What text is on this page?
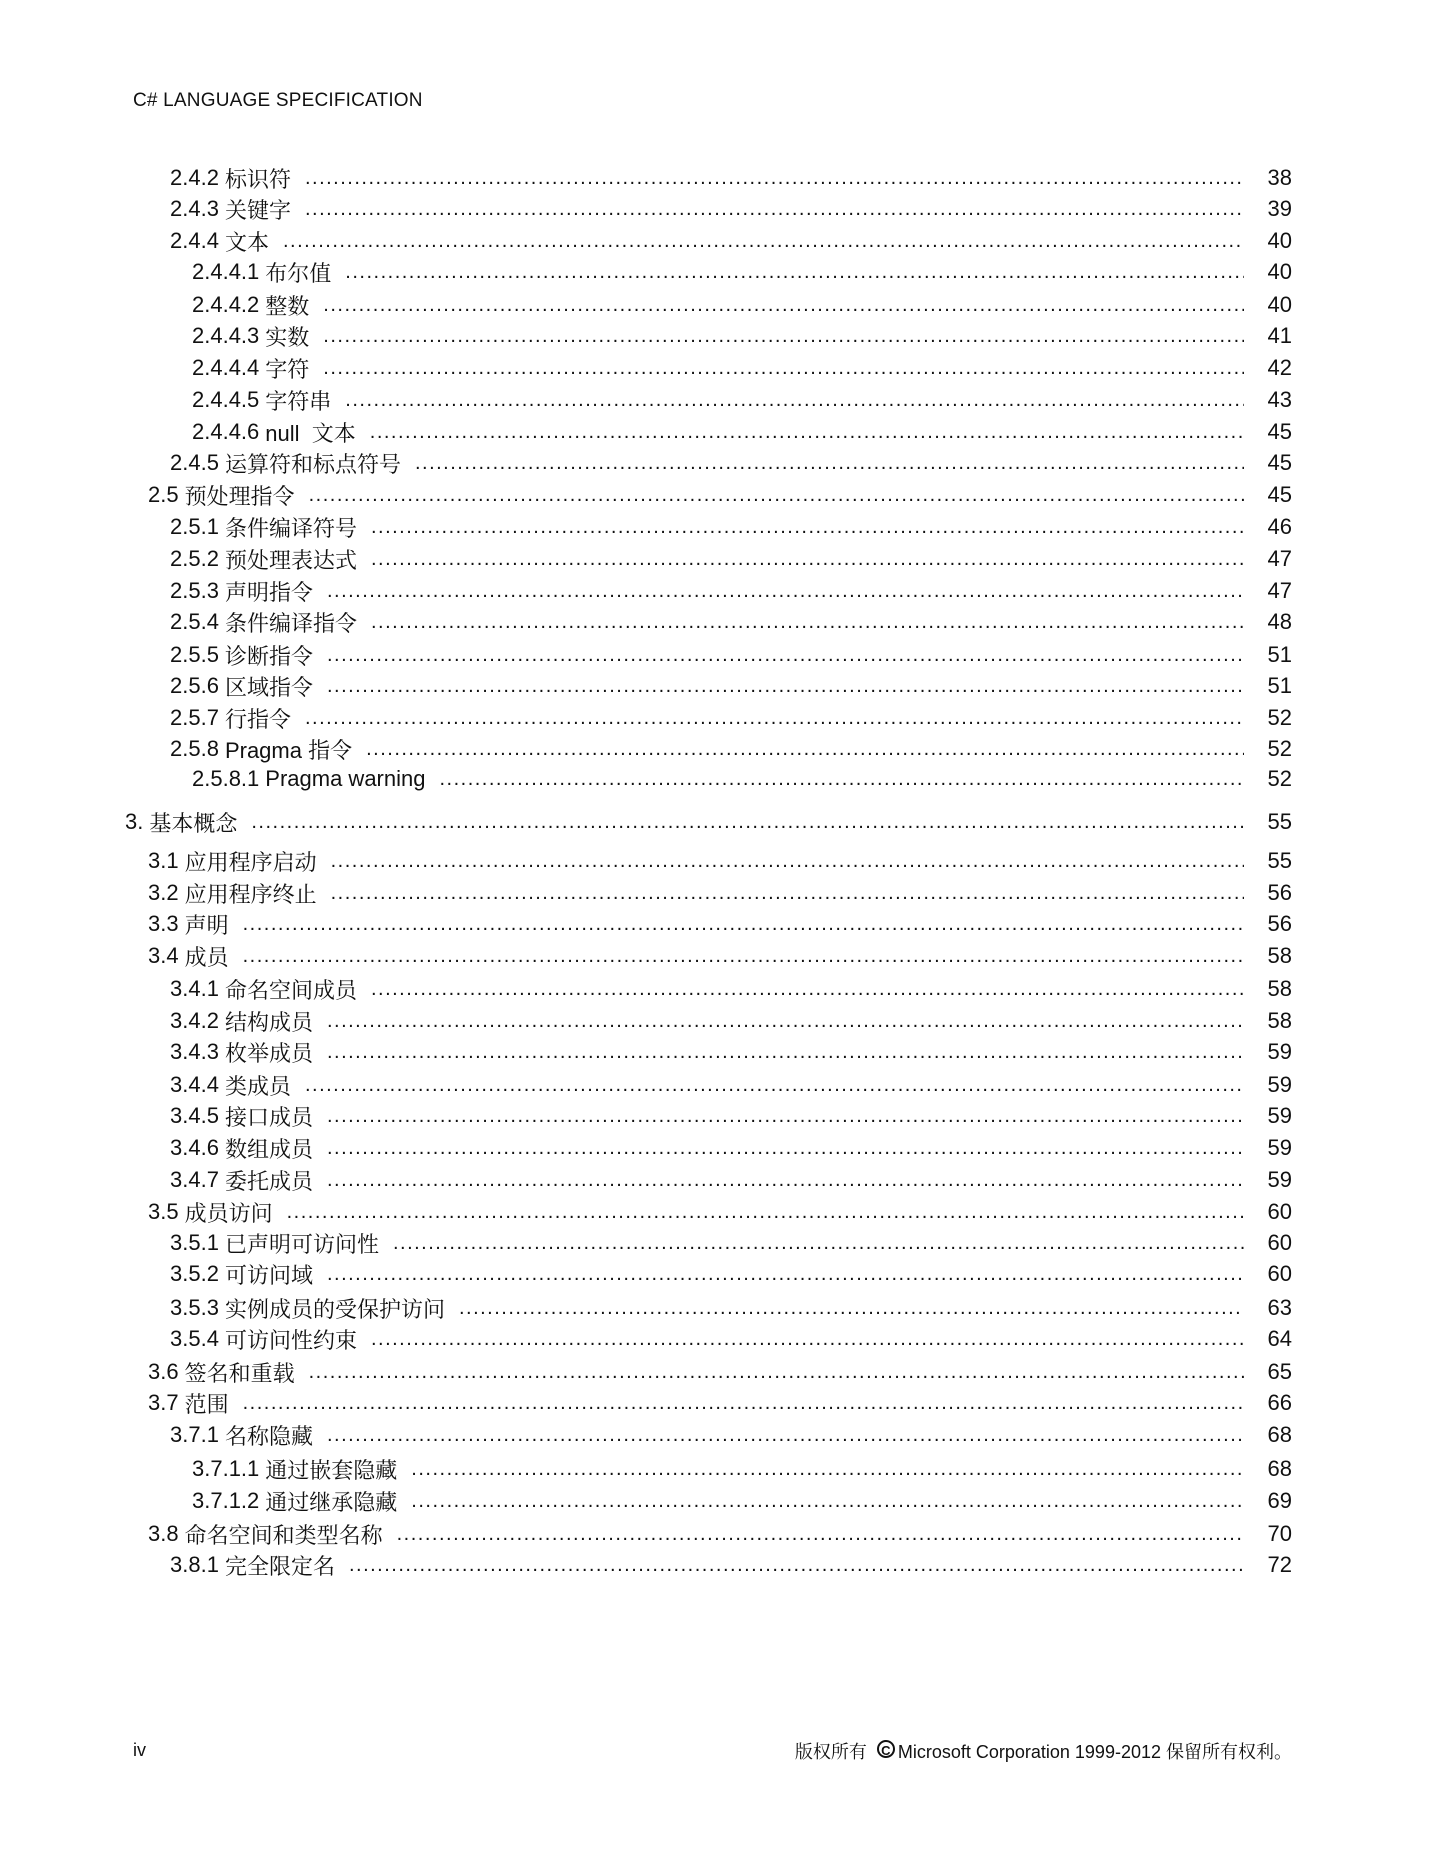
C# LANGUAGE SPECIFICATION
2.4.2 标识符 .....	38
2.4.3 关键字 .....	39
2.4.4 文本 .....	40
2.4.4.1 布尔值 .....	40
2.4.4.2 整数 .....	40
2.4.4.3 实数 .....	41
2.4.4.4 字符 .....	42
2.4.4.5 字符串 .....	43
2.4.4.6 null  文本 .....	45
2.4.5 运算符和标点符号 .....	45
2.5 预处理指令 .....	45
2.5.1 条件编译符号 .....	46
2.5.2 预处理表达式 .....	47
2.5.3 声明指令 .....	47
2.5.4 条件编译指令 .....	48
2.5.5 诊断指令 .....	51
2.5.6 区域指令 .....	51
2.5.7 行指令 .....	52
2.5.8 Pragma 指令 .....	52
2.5.8.1 Pragma warning .....	52
3. 基本概念 .....	55
3.1 应用程序启动 .....	55
3.2 应用程序终止 .....	56
3.3 声明 .....	56
3.4 成员 .....	58
3.4.1 命名空间成员 .....	58
3.4.2 结构成员 .....	58
3.4.3 枚举成员 .....	59
3.4.4 类成员 .....	59
3.4.5 接口成员 .....	59
3.4.6 数组成员 .....	59
3.4.7 委托成员 .....	59
3.5 成员访问 .....	60
3.5.1 已声明可访问性 .....	60
3.5.2 可访问域 .....	60
3.5.3 实例成员的受保护访问 .....	63
3.5.4 可访问性约束 .....	64
3.6 签名和重载 .....	65
3.7 范围 .....	66
3.7.1 名称隐藏 .....	68
3.7.1.1 通过嵌套隐藏 .....	68
3.7.1.2 通过继承隐藏 .....	69
3.8 命名空间和类型名称 .....	70
3.8.1 完全限定名 .....	72
iv	版权所有	C Microsoft Corporation 1999-2012 保留所有权利。
